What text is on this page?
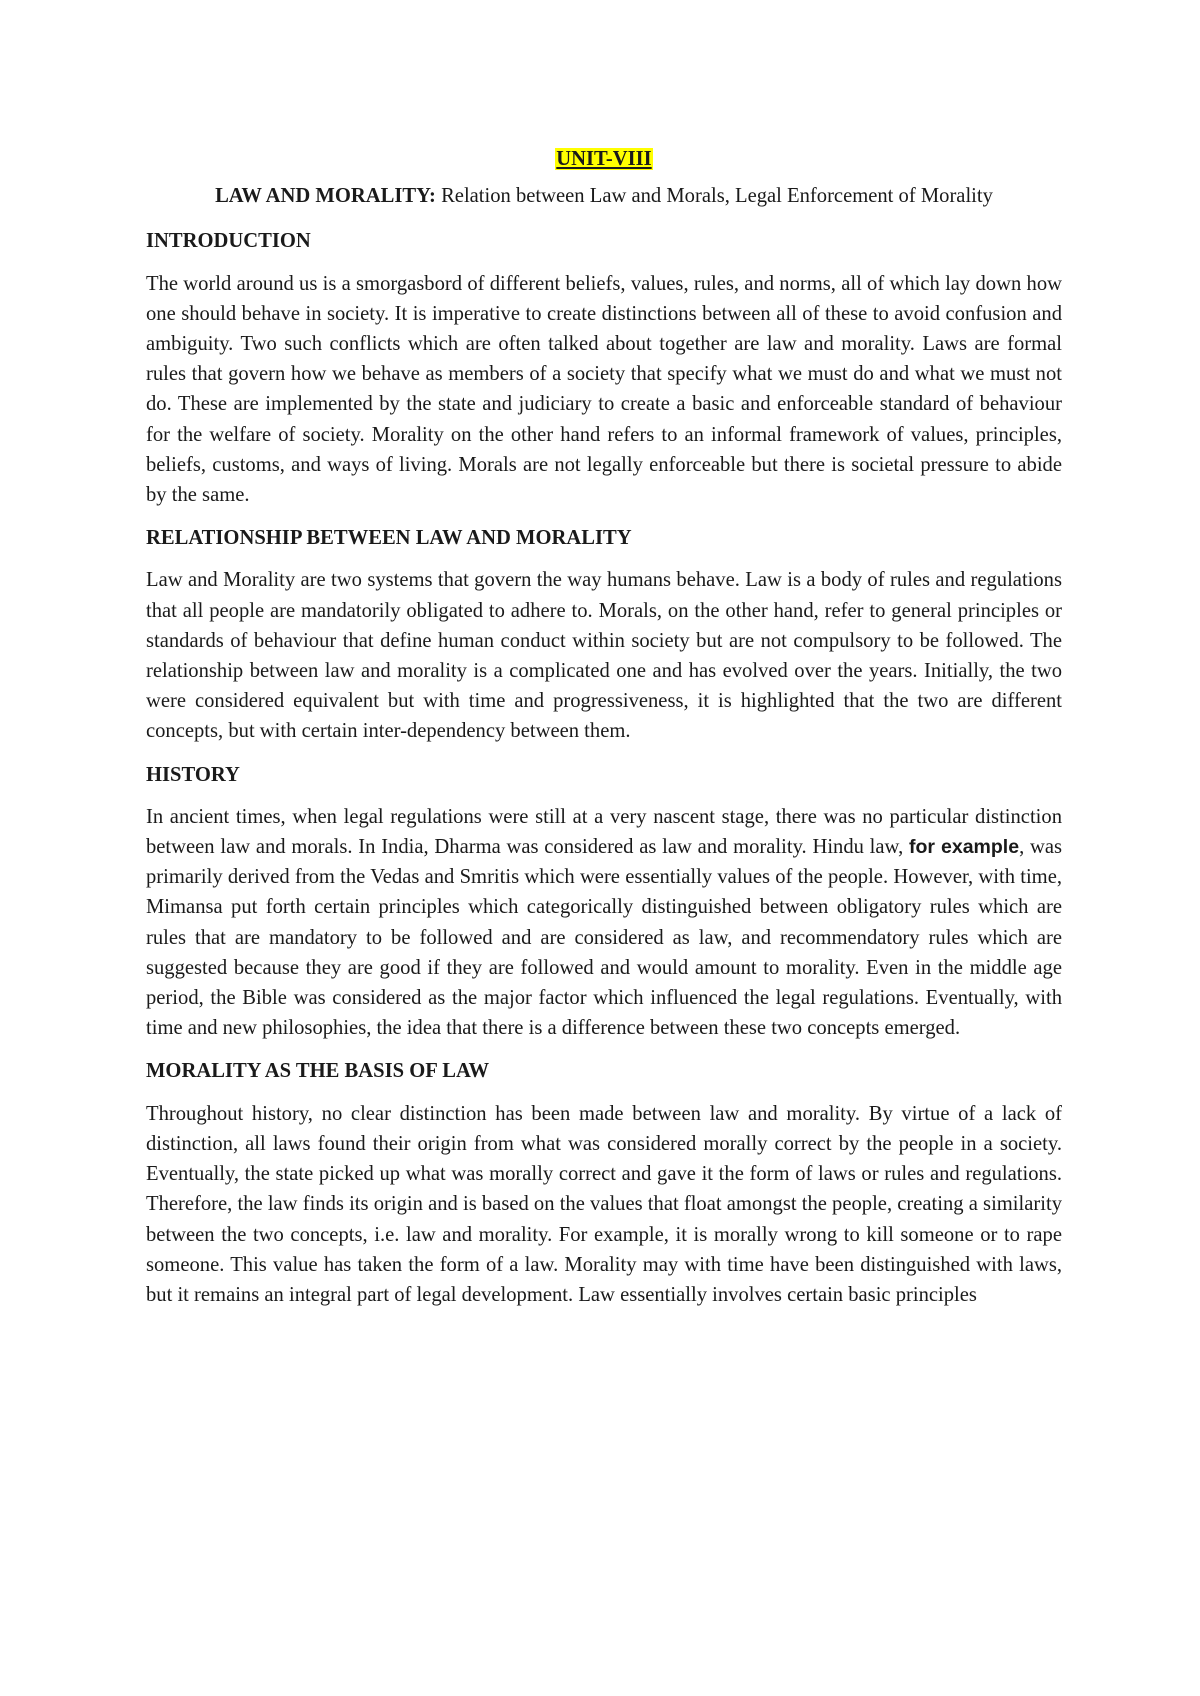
UNIT-VIII
LAW AND MORALITY: Relation between Law and Morals, Legal Enforcement of Morality
INTRODUCTION

The world around us is a smorgasbord of different beliefs, values, rules, and norms, all of which lay down how one should behave in society. It is imperative to create distinctions between all of these to avoid confusion and ambiguity. Two such conflicts which are often talked about together are law and morality. Laws are formal rules that govern how we behave as members of a society that specify what we must do and what we must not do. These are implemented by the state and judiciary to create a basic and enforceable standard of behaviour for the welfare of society. Morality on the other hand refers to an informal framework of values, principles, beliefs, customs, and ways of living. Morals are not legally enforceable but there is societal pressure to abide by the same.

RELATIONSHIP BETWEEN LAW AND MORALITY

Law and Morality are two systems that govern the way humans behave. Law is a body of rules and regulations that all people are mandatorily obligated to adhere to. Morals, on the other hand, refer to general principles or standards of behaviour that define human conduct within society but are not compulsory to be followed. The relationship between law and morality is a complicated one and has evolved over the years. Initially, the two were considered equivalent but with time and progressiveness, it is highlighted that the two are different concepts, but with certain inter-dependency between them.

HISTORY

In ancient times, when legal regulations were still at a very nascent stage, there was no particular distinction between law and morals. In India, Dharma was considered as law and morality. Hindu law, for example, was primarily derived from the Vedas and Smritis which were essentially values of the people. However, with time, Mimansa put forth certain principles which categorically distinguished between obligatory rules which are rules that are mandatory to be followed and are considered as law, and recommendatory rules which are suggested because they are good if they are followed and would amount to morality. Even in the middle age period, the Bible was considered as the major factor which influenced the legal regulations. Eventually, with time and new philosophies, the idea that there is a difference between these two concepts emerged.

MORALITY AS THE BASIS OF LAW

Throughout history, no clear distinction has been made between law and morality. By virtue of a lack of distinction, all laws found their origin from what was considered morally correct by the people in a society. Eventually, the state picked up what was morally correct and gave it the form of laws or rules and regulations. Therefore, the law finds its origin and is based on the values that float amongst the people, creating a similarity between the two concepts, i.e. law and morality. For example, it is morally wrong to kill someone or to rape someone. This value has taken the form of a law. Morality may with time have been distinguished with laws, but it remains an integral part of legal development. Law essentially involves certain basic principles
